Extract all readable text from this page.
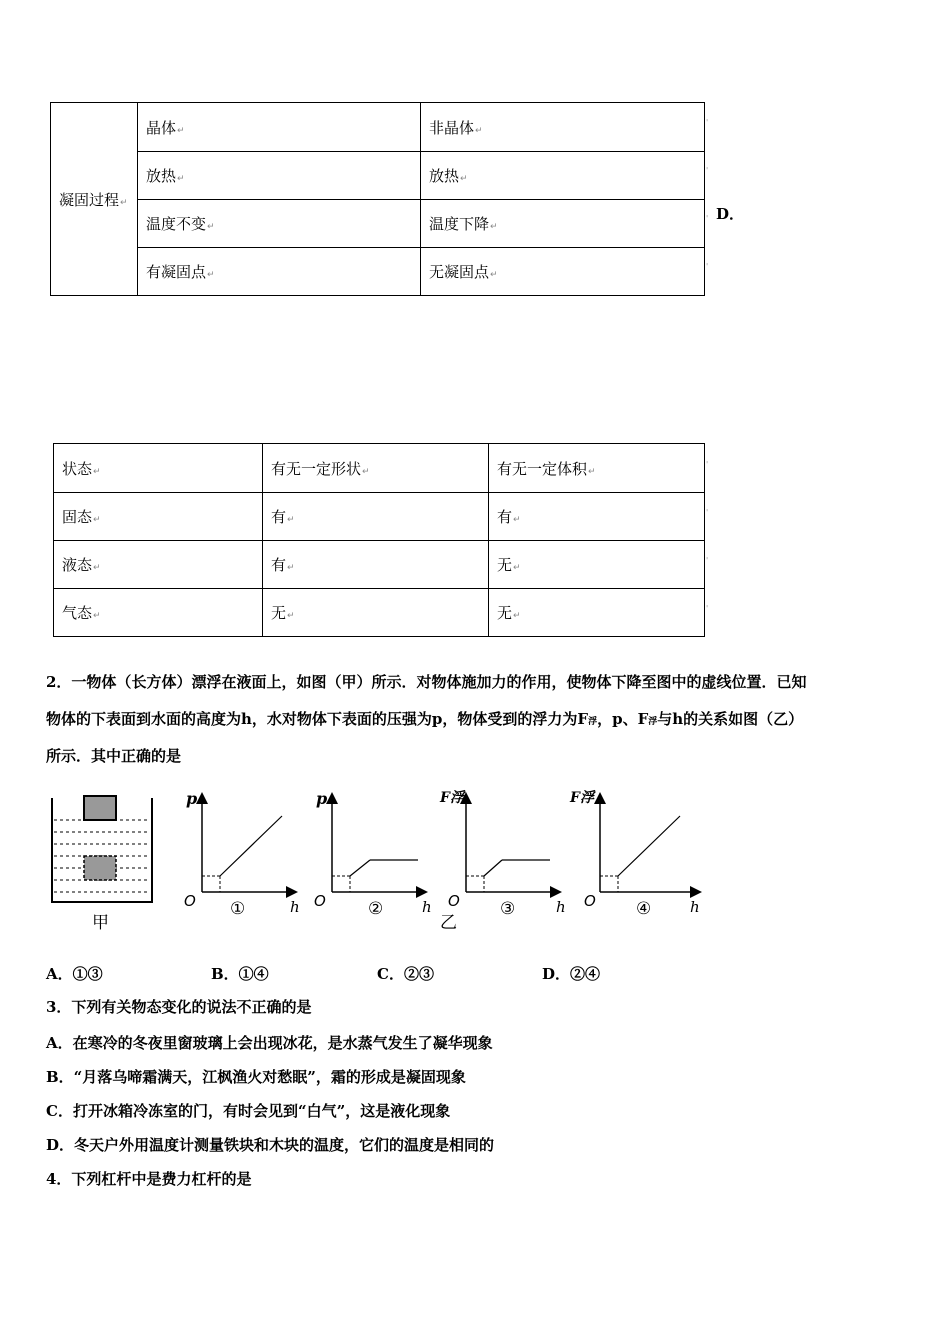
凝固过程↵	晶体↵	非晶体↵
	放热↵	放热↵
	温度不变↵	温度下降↵
	有凝固点↵	无凝固点↵
'
'
'
'
D．
状态↵	有无一定形状↵	有无一定体积↵
固态↵	有↵	有↵
液态↵	有↵	无↵
气态↵	无↵	无↵
'
'
'
'
2．一物体（长方体）漂浮在液面上，如图（甲）所示．对物体施加力的作用，使物体下降至图中的虚线位置．已知
物体的下表面到水面的高度为h，水对物体下表面的压强为p，物体受到的浮力为F浮，p、F浮与h的关系如图（乙）
所示．其中正确的是
甲
p
O ①	h
p
O ②	h
乙
F浮
O ③	h
F浮
O ④	h
A．①③	B．①④	C．②③	D．②④
3．下列有关物态变化的说法不正确的是
A．在寒冷的冬夜里窗玻璃上会出现冰花，是水蒸气发生了凝华现象
B．“月落乌啼霜满天，江枫渔火对愁眠”，霜的形成是凝固现象
C．打开冰箱冷冻室的门，有时会见到“白气”，这是液化现象
D．冬天户外用温度计测量铁块和木块的温度，它们的温度是相同的
4．下列杠杆中是费力杠杆的是
